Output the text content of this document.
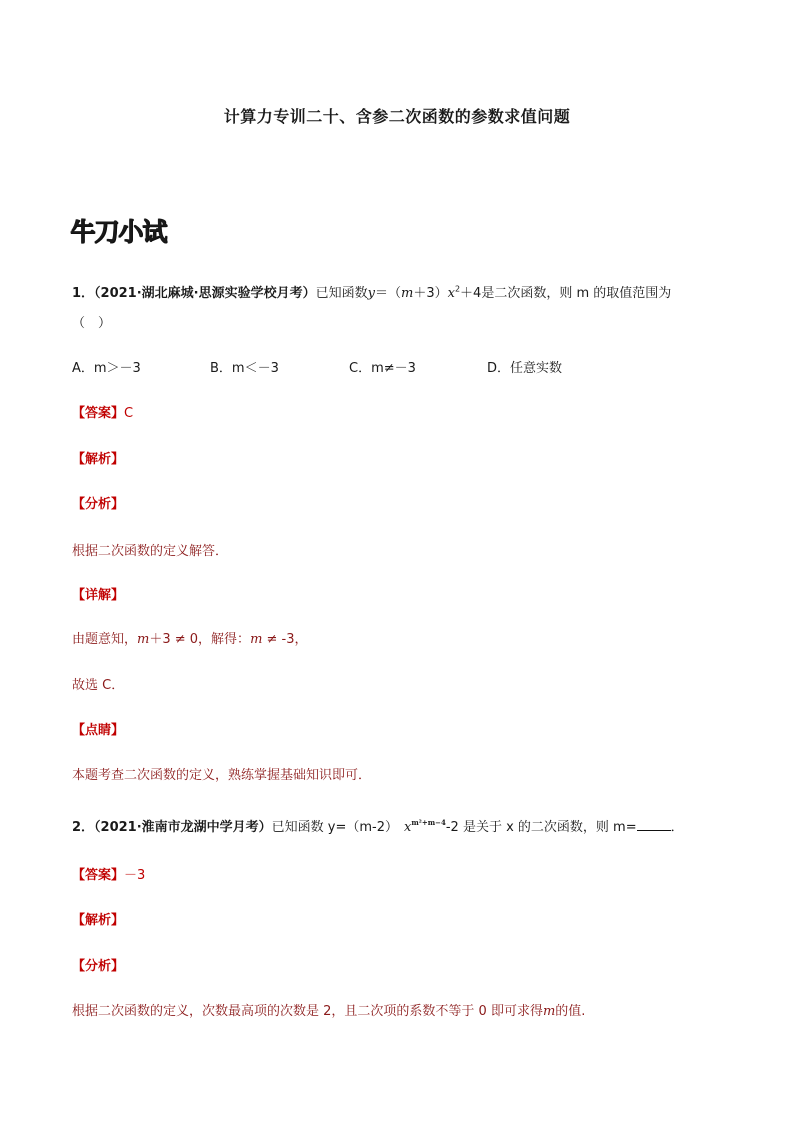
计算力专训二十、含参二次函数的参数求值问题
牛刀小试
1．（2021·湖北麻城·思源实验学校月考）已知函数$y=(m+3)x^2+4$是二次函数，则 m 的取值范围为
（　）
A．m＞－3	B．m＜－3	C．m≠－3	D．任意实数
【答案】C
【解析】
【分析】
根据二次函数的定义解答．
【详解】
由题意知，m＋3 ≠ 0，解得：m ≠ -3，
故选 C．
【点睛】
本题考查二次函数的定义，熟练掌握基础知识即可．
2．（2021·淮南市龙湖中学月考）已知函数 y=（m-2） $x^{m^2+m-4}-2$ 是关于 x 的二次函数，则 m=	．
【答案】－3
【解析】
【分析】
根据二次函数的定义，次数最高项的次数是 2，且二次项的系数不等于 0 即可求得m的值.
